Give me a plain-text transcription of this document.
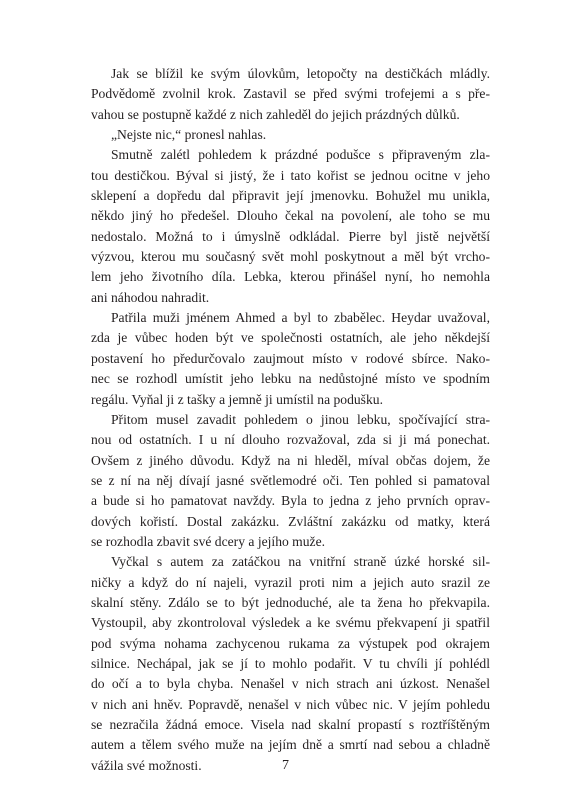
Jak se blížil ke svým úlovkům, letopočty na destičkách mládly.
Podvědomě zvolnil krok. Zastavil se před svými trofejemi a s pře-
vahou se postupně každé z nich zahleděl do jejich prázdných důlků.

„Nejste nic,“ pronesl nahlas.

Smutně zalétl pohledem k prázdné podušce s připraveným zla-
tou destičkou. Býval si jistý, že i tato kořist se jednou ocitne v jeho
sklepení a dopředu dal připravit její jmenovku. Bohužel mu unikla,
někdo jiný ho předešel. Dlouho čekal na povolení, ale toho se mu
nedostalo. Možná to i úmyslně odkládal. Pierre byl jistě největší
výzvou, kterou mu současný svět mohl poskytnout a měl být vrcho-
lem jeho životního díla. Lebka, kterou přinášel nyní, ho nemohla
ani náhodou nahradit.

Patřila muži jménem Ahmed a byl to zbabělec. Heydar uvažoval,
zda je vůbec hoden být ve společnosti ostatních, ale jeho někdejší
postavení ho předurčovalo zaujmout místo v rodové sbírce. Nako-
nec se rozhodl umístit jeho lebku na nedůstojné místo ve spodním
regálu. Vyňal ji z tašky a jemně ji umístil na podušku.

Přitom musel zavadit pohledem o jinou lebku, spočívající stra-
nou od ostatních. I u ní dlouho rozvažoval, zda si ji má ponechat.
Ovšem z jiného důvodu. Když na ni hleděl, míval občas dojem, že
se z ní na něj dívají jasné světlemodré oči. Ten pohled si pamatoval
a bude si ho pamatovat navždy. Byla to jedna z jeho prvních oprav-
dových kořistí. Dostal zakázku. Zvláštní zakázku od matky, která
se rozhodla zbavit své dcery a jejího muže.

Vyčkal s autem za zatáčkou na vnitřní straně úzké horské sil-
ničky a když do ní najeli, vyrazil proti nim a jejich auto srazil ze
skalní stěny. Zdálo se to být jednoduché, ale ta žena ho překvapila.
Vystoupil, aby zkontroloval výsledek a ke svému překvapení ji spatřil
pod svýma nohama zachycenou rukama za výstupek pod okrajem
silnice. Nechápal, jak se jí to mohlo podařit. V tu chvíli jí pohlédl
do očí a to byla chyba. Nenašel v nich strach ani úzkost. Nenašel
v nich ani hněv. Popravdě, nenašel v nich vůbec nic. V jejím pohledu
se nezračila žádná emoce. Visela nad skalní propastí s roztříštěným
autem a tělem svého muže na jejím dně a smrtí nad sebou a chladně
vážila své možnosti.	7
